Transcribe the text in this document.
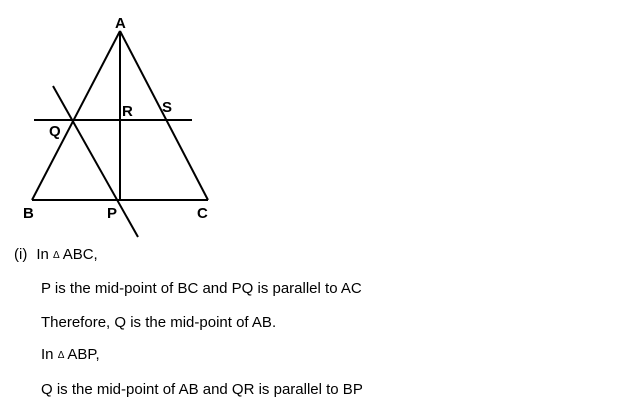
A
B	C
P
Q
R S
(i) In Δ ABC,
P is the mid-point of BC and PQ is parallel to AC
Therefore, Q is the mid-point of AB.
In Δ ABP,
Q is the mid-point of AB and QR is parallel to BP
